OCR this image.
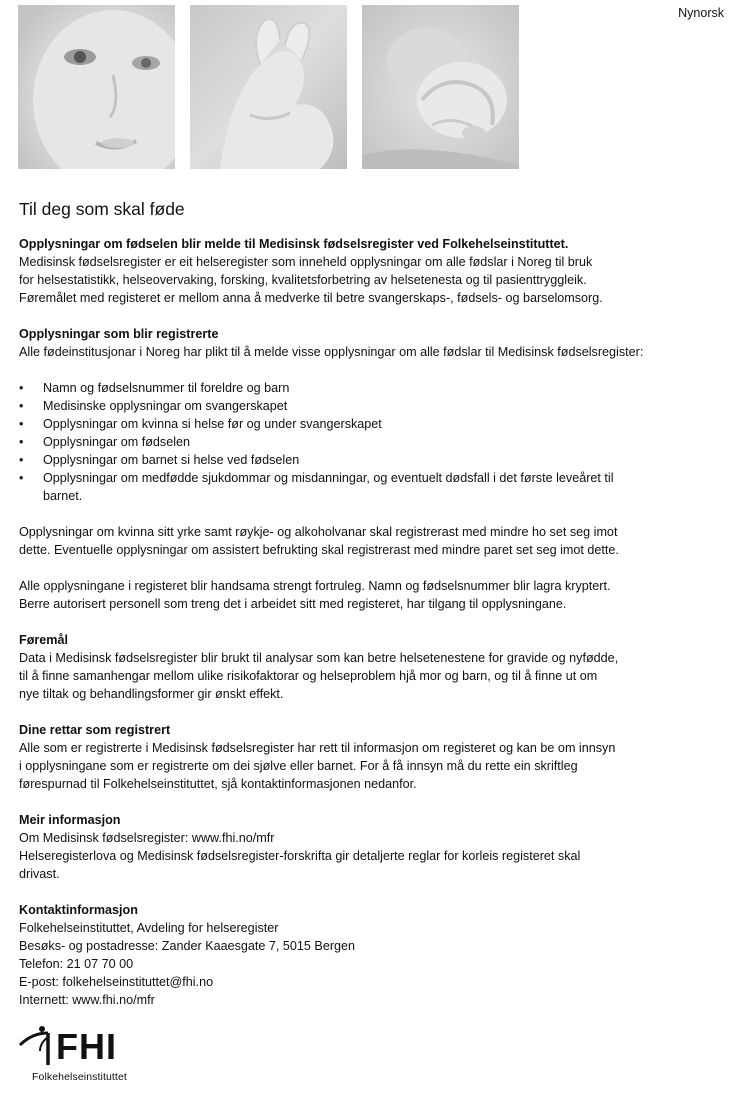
Nynorsk
Til deg som skal føde

Opplysningar om fødselen blir melde til Medisinsk fødselsregister ved Folkehelseinstituttet.

Medisinsk fødselsregister er eit helseregister som inneheld opplysningar om alle fødslar i Noreg til bruk

for helsestatistikk, helseovervaking, forsking, kvalitetsforbetring av helsetenesta og til pasienttryggleik.

Føremålet med registeret er mellom anna å medverke til betre svangerskaps-, fødsels- og barselomsorg.

Opplysningar som blir registrerte

Alle fødeinstitusjonar i Noreg har plikt til å melde visse opplysningar om alle fødslar til Medisinsk fødselsregister:

• Namn og fødselsnummer til foreldre og barn
• Medisinske opplysningar om svangerskapet
• Opplysningar om kvinna si helse før og under svangerskapet
• Opplysningar om fødselen
• Opplysningar om barnet si helse ved fødselen
• Opplysningar om medfødde sjukdommar og misdanningar, og eventuelt dødsfall i det første leveåret til barnet.

Opplysningar om kvinna sitt yrke samt røykje- og alkoholvanar skal registrerast med mindre ho set seg imot

dette. Eventuelle opplysningar om assistert befrukting skal registrerast med mindre paret set seg imot dette.

Alle opplysningane i registeret blir handsama strengt fortruleg. Namn og fødselsnummer blir lagra kryptert.

Berre autorisert personell som treng det i arbeidet sitt med registeret, har tilgang til opplysningane.

Føremål

Data i Medisinsk fødselsregister blir brukt til analysar som kan betre helsetenestene for gravide og nyfødde,

til å finne samanhengar mellom ulike risikofaktorar og helseproblem hjå mor og barn, og til å finne ut om

nye tiltak og behandlingsformer gir ønskt effekt.

Dine rettar som registrert

Alle som er registrerte i Medisinsk fødselsregister har rett til informasjon om registeret og kan be om innsyn

i opplysningane som er registrerte om dei sjølve eller barnet. For å få innsyn må du rette ein skriftleg

førespurnad til Folkehelseinstituttet, sjå kontaktinformasjonen nedanfor.

Meir informasjon

Om Medisinsk fødselsregister: www.fhi.no/mfr

Helseregisterlova og Medisinsk fødselsregister-forskrifta gir detaljerte reglar for korleis registeret skal

drivast.

Kontaktinformasjon

Folkehelseinstituttet, Avdeling for helseregister

Besøks- og postadresse: Zander Kaaesgate 7, 5015 Bergen

Telefon: 21 07 70 00

E-post: folkehelseinstituttet@fhi.no

Internett: www.fhi.no/mfr

FHI
Folkehelseinstituttet
